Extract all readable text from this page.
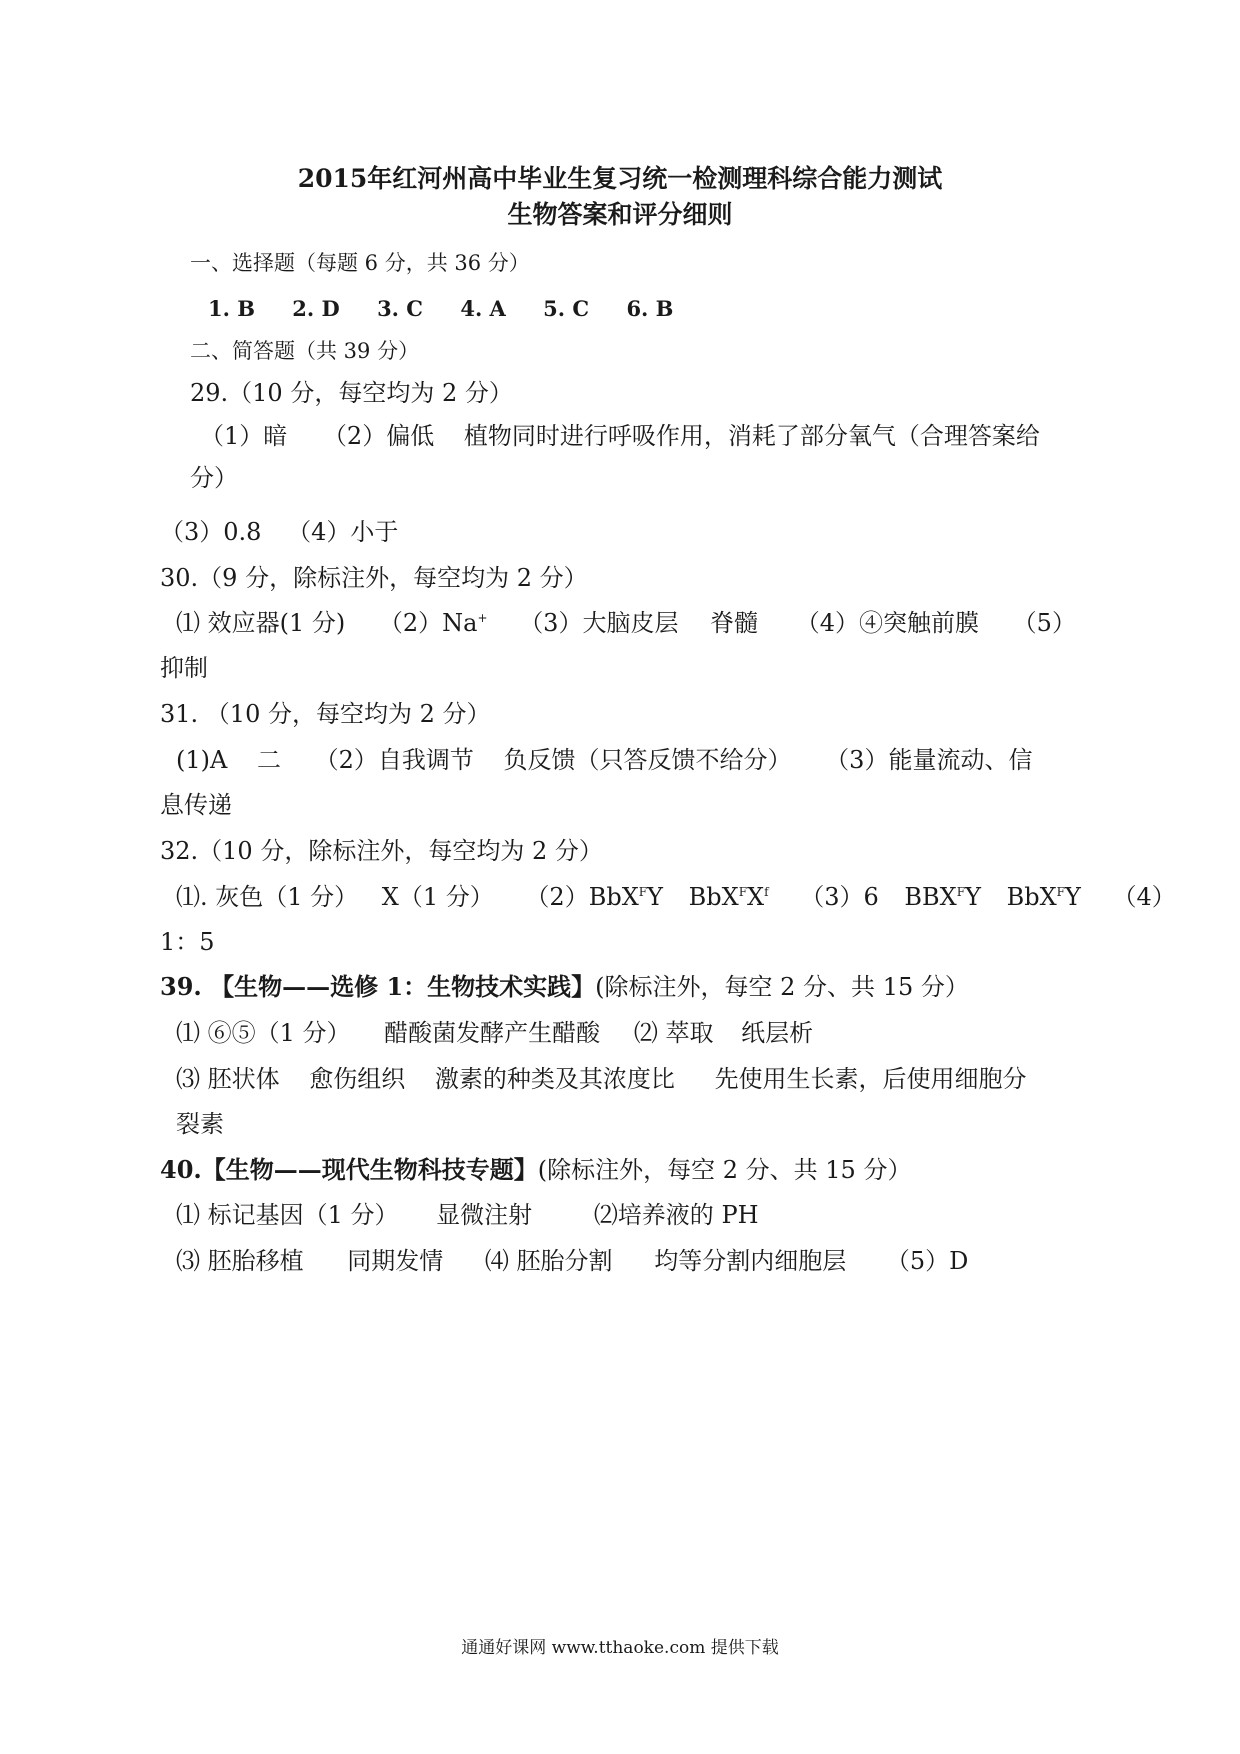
2015年红河州高中毕业生复习统一检测理科综合能力测试
生物答案和评分细则
一、选择题（每题 6 分，共 36 分）
1. B 2. D 3. C 4. A 5. C 6. B
二、简答题（共 39 分）
29.（10 分，每空均为 2 分）
（1）暗 （2）偏低 植物同时进行呼吸作用，消耗了部分氧气（合理答案给
分）
（3）0.8 （4）小于
30.（9 分，除标注外，每空均为 2 分）
⑴ 效应器(1 分) （2）Na+ （3）大脑皮层 脊髓 （4）④突触前膜 （5）
抑制
31. （10 分，每空均为 2 分）
(1)A 二 （2）自我调节 负反馈（只答反馈不给分） （3）能量流动、信
息传递
32.（10 分，除标注外，每空均为 2 分）
⑴. 灰色（1 分） X（1 分） （2）BbX$^F$Y $BbX^FX^f$ （3）6 $BBX^FY$ BbX$^F$Y （4）
1：5
39. 【生物——选修 1：生物技术实践】(除标注外，每空 2 分、共 15 分）
⑴ ⑥⑤（1 分） 醋酸菌发酵产生醋酸 ⑵ 萃取 纸层析
⑶ 胚状体 愈伤组织 激素的种类及其浓度比 先使用生长素，后使用细胞分
裂素
40.【生物——现代生物科技专题】(除标注外，每空 2 分、共 15 分）
⑴ 标记基因（1 分） 显微注射	⑵培养液的 PH
⑶ 胚胎移植 同期发情 ⑷ 胚胎分割 均等分割内细胞层 （5）D
通通好课网 www.tthaoke.com 提供下载
